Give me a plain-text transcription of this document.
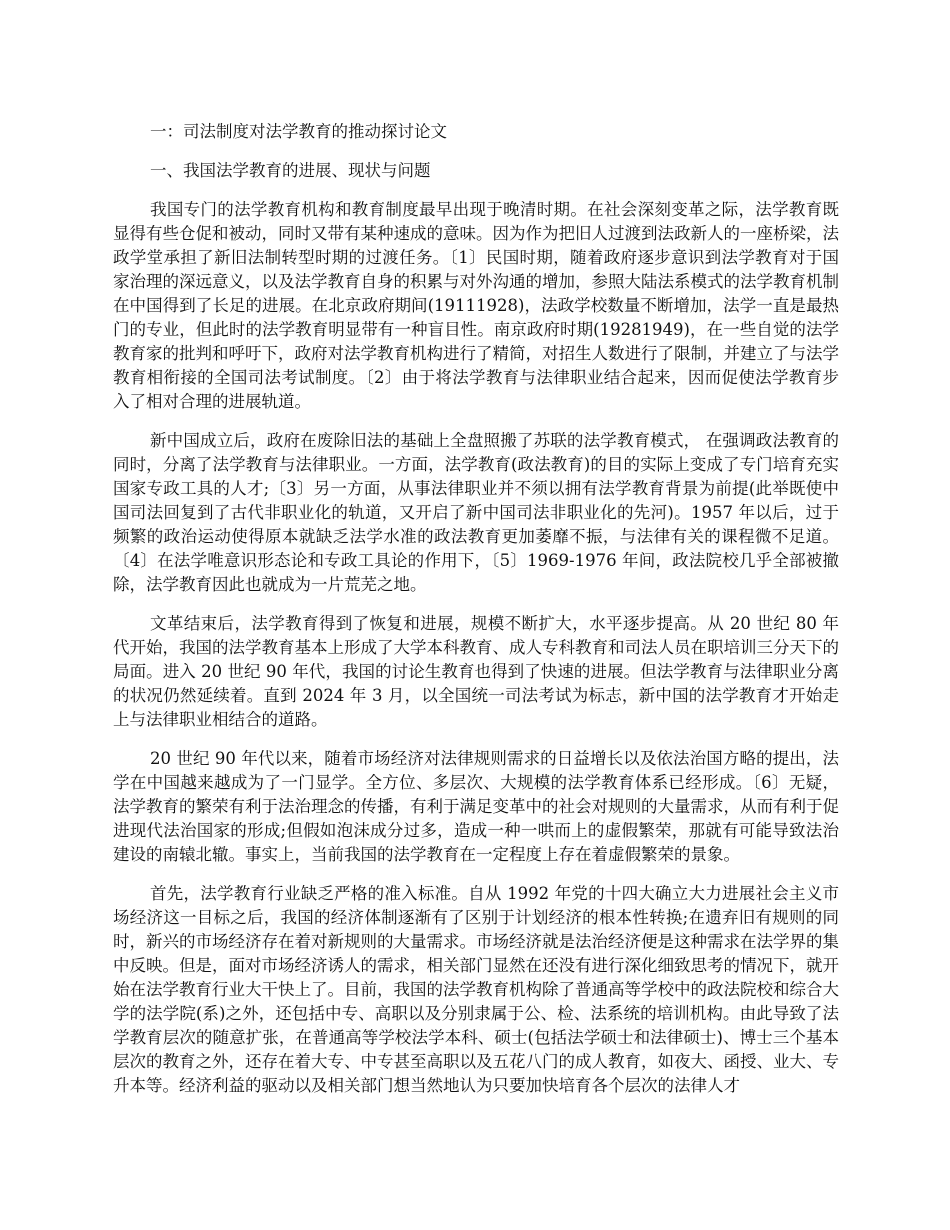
一：司法制度对法学教育的推动探讨论文

一、我国法学教育的进展、现状与问题

我国专门的法学教育机构和教育制度最早出现于晚清时期。在社会深刻变革之际，法学教育既显得有些仓促和被动，同时又带有某种速成的意味。因为作为把旧人过渡到法政新人的一座桥梁，法政学堂承担了新旧法制转型时期的过渡任务。〔1〕民国时期，随着政府逐步意识到法学教育对于国家治理的深远意义，以及法学教育自身的积累与对外沟通的增加，参照大陆法系模式的法学教育机制在中国得到了长足的进展。在北京政府期间(19111928)，法政学校数量不断增加，法学一直是最热门的专业，但此时的法学教育明显带有一种盲目性。南京政府时期(19281949)，在一些自觉的法学教育家的批判和呼吁下，政府对法学教育机构进行了精简，对招生人数进行了限制，并建立了与法学教育相衔接的全国司法考试制度。〔2〕由于将法学教育与法律职业结合起来，因而促使法学教育步入了相对合理的进展轨道。

新中国成立后，政府在废除旧法的基础上全盘照搬了苏联的法学教育模式， 在强调政法教育的同时，分离了法学教育与法律职业。一方面，法学教育(政法教育)的目的实际上变成了专门培育充实国家专政工具的人才;〔3〕另一方面，从事法律职业并不须以拥有法学教育背景为前提(此举既使中国司法回复到了古代非职业化的轨道，又开启了新中国司法非职业化的先河)。1957 年以后，过于频繁的政治运动使得原本就缺乏法学水准的政法教育更加萎靡不振，与法律有关的课程微不足道。〔4〕在法学唯意识形态论和专政工具论的作用下，〔5〕1969-1976 年间，政法院校几乎全部被撤除，法学教育因此也就成为一片荒芜之地。

文革结束后，法学教育得到了恢复和进展，规模不断扩大，水平逐步提高。从 20 世纪 80 年代开始，我国的法学教育基本上形成了大学本科教育、成人专科教育和司法人员在职培训三分天下的局面。进入 20 世纪 90 年代，我国的讨论生教育也得到了快速的进展。但法学教育与法律职业分离的状况仍然延续着。直到 2024 年 3 月，以全国统一司法考试为标志，新中国的法学教育才开始走上与法律职业相结合的道路。

20 世纪 90 年代以来，随着市场经济对法律规则需求的日益增长以及依法治国方略的提出，法学在中国越来越成为了一门显学。全方位、多层次、大规模的法学教育体系已经形成。〔6〕无疑，法学教育的繁荣有利于法治理念的传播，有利于满足变革中的社会对规则的大量需求，从而有利于促进现代法治国家的形成;但假如泡沫成分过多，造成一种一哄而上的虚假繁荣，那就有可能导致法治建设的南辕北辙。事实上，当前我国的法学教育在一定程度上存在着虚假繁荣的景象。

首先，法学教育行业缺乏严格的准入标准。自从 1992 年党的十四大确立大力进展社会主义市场经济这一目标之后，我国的经济体制逐渐有了区别于计划经济的根本性转换;在遗弃旧有规则的同时，新兴的市场经济存在着对新规则的大量需求。市场经济就是法治经济便是这种需求在法学界的集中反映。但是，面对市场经济诱人的需求，相关部门显然在还没有进行深化细致思考的情况下，就开始在法学教育行业大干快上了。目前，我国的法学教育机构除了普通高等学校中的政法院校和综合大学的法学院(系)之外，还包括中专、高职以及分别隶属于公、检、法系统的培训机构。由此导致了法学教育层次的随意扩张，在普通高等学校法学本科、硕士(包括法学硕士和法律硕士)、博士三个基本层次的教育之外，还存在着大专、中专甚至高职以及五花八门的成人教育，如夜大、函授、业大、专升本等。经济利益的驱动以及相关部门想当然地认为只要加快培育各个层次的法律人才
